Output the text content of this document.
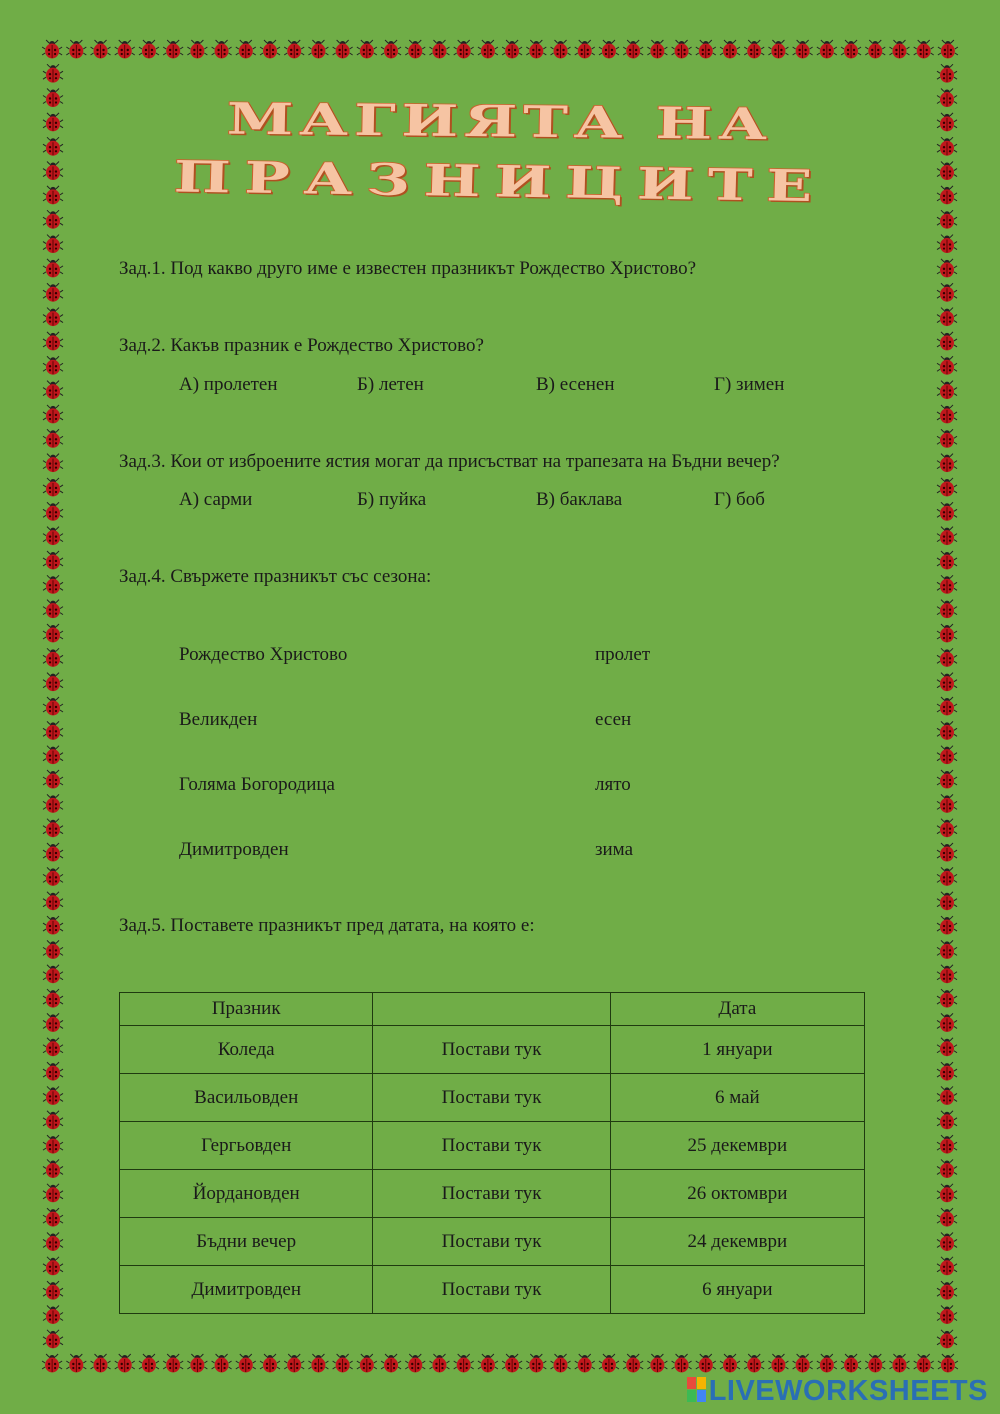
МАГИЯТА НА
ПРАЗНИЦИТЕ
Зад.1. Под какво друго име е известен празникът Рождество Христово?
Зад.2. Какъв празник е Рождество Христово?
А) пролетен	Б) летен	В) есенен	Г) зимен
Зад.3. Кои от изброените ястия могат да присъстват на трапезата на Бъдни вечер?
А) сарми	Б) пуйка	В) баклава	Г) боб
Зад.4. Свържете празникът със сезона:
Рождество Христово	пролет
Великден	есен
Голяма Богородица	лято
Димитровден	зима
Зад.5. Поставете празникът пред датата, на която е:
Празник		Дата
Коледа	Постави тук	1 януари
Васильовден	Постави тук	6 май
Гергьовден	Постави тук	25 декември
Йордановден	Постави тук	26 октомври
Бъдни вечер	Постави тук	24 декември
Димитровден	Постави тук	6 януари
LIVEWORKSHEETS
